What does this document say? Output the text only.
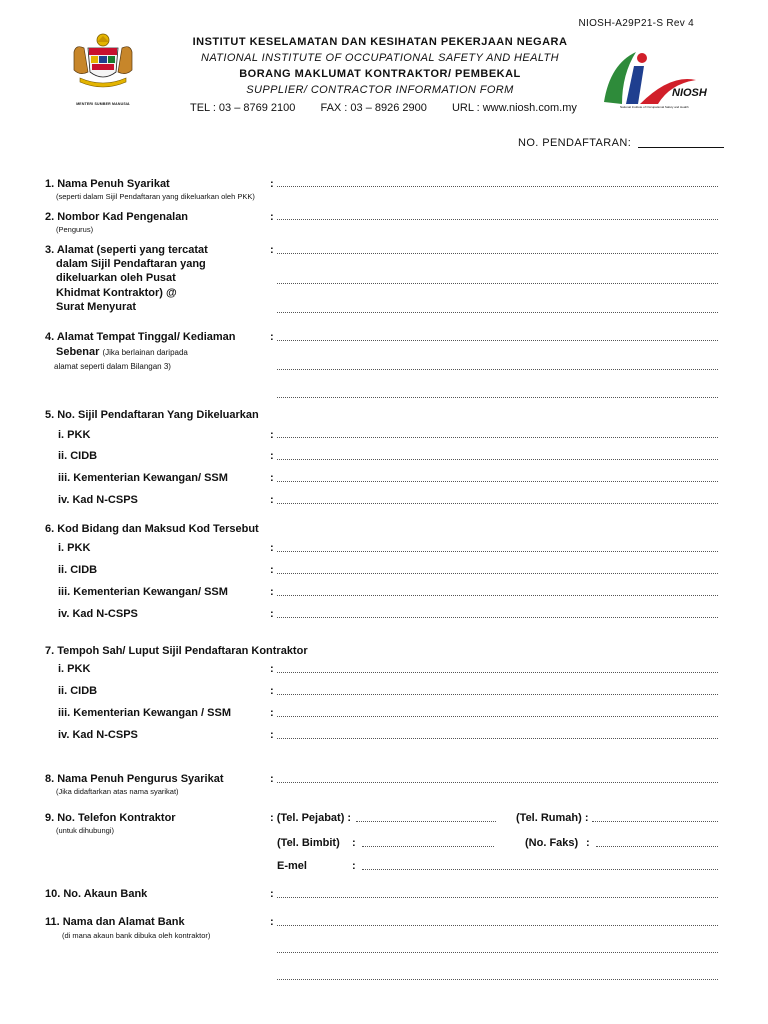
NIOSH-A29P21-S Rev 4
MENTERI SUMBER MANUSIA
INSTITUT KESELAMATAN DAN KESIHATAN PEKERJAAN NEGARA
NATIONAL INSTITUTE OF OCCUPATIONAL SAFETY AND HEALTH
BORANG MAKLUMAT KONTRAKTOR/ PEMBEKAL
SUPPLIER/ CONTRACTOR INFORMATION FORM
TEL : 03 – 8769 2100 FAX : 03 – 8926 2900 URL : www.niosh.com.my
NIOSH
National Institute of Occupational Safety and Health
NO. PENDAFTARAN:
1. Nama Penuh Syarikat
(seperti dalam Sijil Pendaftaran yang dikeluarkan oleh PKK)
:
2. Nombor Kad Pengenalan
(Pengurus)
:
3. Alamat (seperti yang tercatat
dalam Sijil Pendaftaran yang
dikeluarkan oleh Pusat
Khidmat Kontraktor) @
Surat Menyurat
:
4. Alamat Tempat Tinggal/ Kediaman
Sebenar (Jika berlainan daripada
alamat seperti dalam Bilangan 3)
:
5. No. Sijil Pendaftaran Yang Dikeluarkan
i. PKK	:
ii. CIDB	:
iii. Kementerian Kewangan/ SSM	:
iv. Kad N-CSPS	:
6. Kod Bidang dan Maksud Kod Tersebut
i. PKK	:
ii. CIDB	:
iii. Kementerian Kewangan/ SSM	:
iv. Kad N-CSPS	:
7. Tempoh Sah/ Luput Sijil Pendaftaran Kontraktor
i. PKK	:
ii. CIDB	:
iii. Kementerian Kewangan / SSM	:
iv. Kad N-CSPS	:
8. Nama Penuh Pengurus Syarikat
(Jika didaftarkan atas nama syarikat)
:
9. No. Telefon Kontraktor
(untuk dihubungi)
: (Tel. Pejabat) :	(Tel. Rumah) :
(Tel. Bimbit) :	(No. Faks) :
E-mel	:
10. No. Akaun Bank	:
11. Nama dan Alamat Bank
(di mana akaun bank dibuka oleh kontraktor)
:
